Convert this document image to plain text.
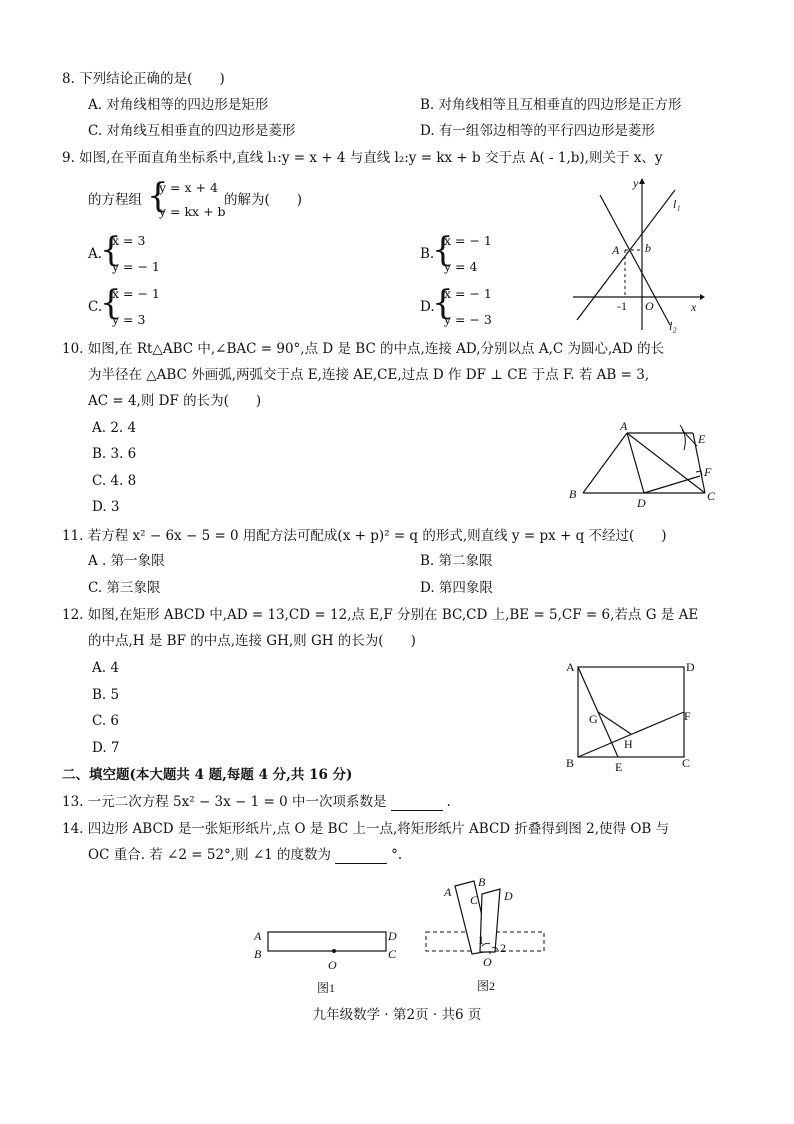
8. 下列结论正确的是(　　)
A. 对角线相等的四边形是矩形	B. 对角线相等且互相垂直的四边形是正方形
C. 对角线互相垂直的四边形是菱形	D. 有一组邻边相等的平行四边形是菱形
9. 如图,在平面直角坐标系中,直线 l₁:y = x + 4 与直线 l₂:y = kx + b 交于点 A( - 1,b),则关于 x、y
的方程组 {
y = x + 4
y = kx + b
的解为(　　)
A.
{
x = 3
y = − 1
B.
{
x = − 1
y = 4
C.
{
x = − 1
y = 3
D.
{
x = − 1
y = − 3
y
x
l₁
l₂
A b
-1 O
10. 如图,在 Rt△ABC 中,∠BAC = 90°,点 D 是 BC 的中点,连接 AD,分别以点 A,C 为圆心,AD 的长
为半径在 △ABC 外画弧,两弧交于点 E,连接 AE,CE,过点 D 作 DF ⊥ CE 于点 F. 若 AB = 3,
AC = 4,则 DF 的长为(　　)
A. 2. 4
B. 3. 6
C. 4. 8
D. 3
A
B	C
D
E
F
11. 若方程 x² − 6x − 5 = 0 用配方法可配成(x + p)² = q 的形式,则直线 y = px + q 不经过(　　)
A . 第一象限	B. 第二象限
C. 第三象限	D. 第四象限
12. 如图,在矩形 ABCD 中,AD = 13,CD = 12,点 E,F 分别在 BC,CD 上,BE = 5,CF = 6,若点 G 是 AE
的中点,H 是 BF 的中点,连接 GH,则 GH 的长为(　　)
A. 4
B. 5
C. 6
D. 7
A	D
B	C
E
F
G
H
二、填空题(本大题共 4 题,每题 4 分,共 16 分)
13. 一元二次方程 5x² − 3x − 1 = 0 中一次项系数是	.
14. 四边形 ABCD 是一张矩形纸片,点 O 是 BC 上一点,将矩形纸片 ABCD 折叠得到图 2,使得 OB 与
OC 重合. 若 ∠2 = 52°,则 ∠1 的度数为	°.
A
B
D
C
O
图1
A
B
C D
O
1
2
图2
九年级数学 · 第2页 · 共6 页
